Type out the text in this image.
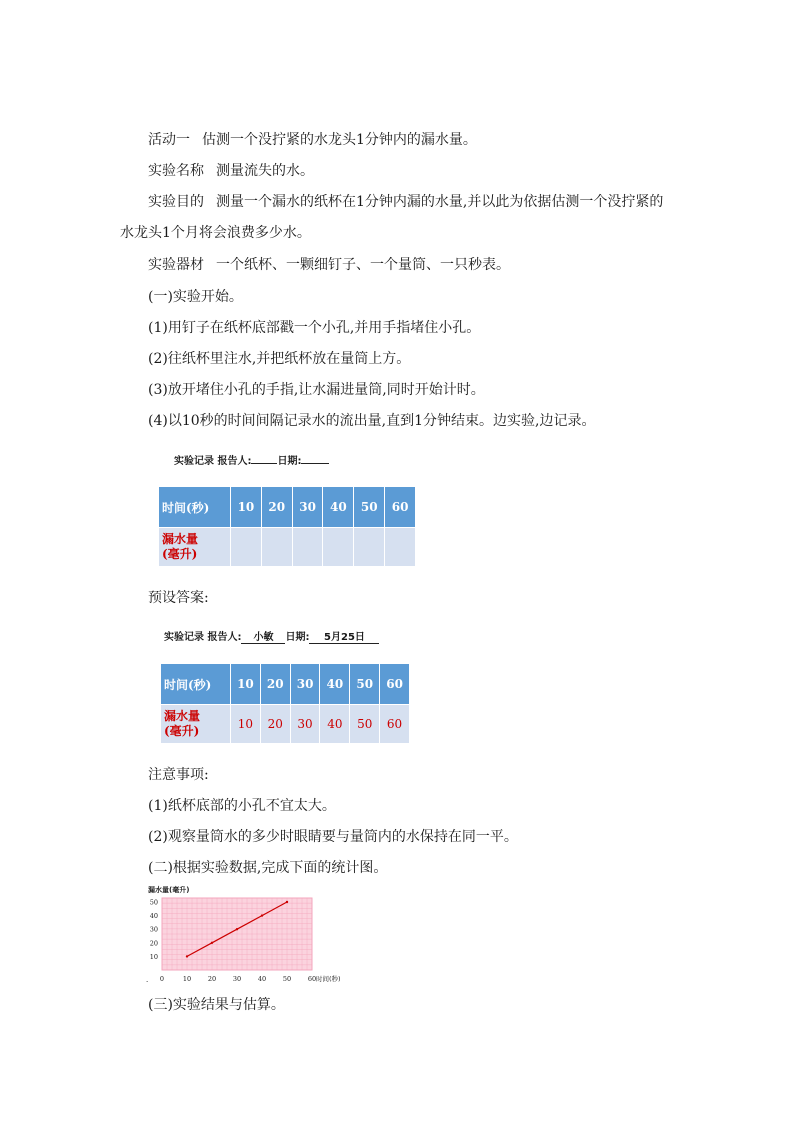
活动一 估测一个没拧紧的水龙头1分钟内的漏水量。
实验名称 测量流失的水。
实验目的 测量一个漏水的纸杯在1分钟内漏的水量,并以此为依据估测一个没拧紧的
水龙头1个月将会浪费多少水。
实验器材 一个纸杯、一颗细钉子、一个量筒、一只秒表。
(一)实验开始。
(1)用钉子在纸杯底部戳一个小孔,并用手指堵住小孔。
(2)往纸杯里注水,并把纸杯放在量筒上方。
(3)放开堵住小孔的手指,让水漏进量筒,同时开始计时。
(4)以10秒的时间间隔记录水的流出量,直到1分钟结束。边实验,边记录。
实验记录 报告人:	日期:
时间(秒)	10	20	30	40	50	60
漏水量
(毫升)						
预设答案:
实验记录 报告人: 小敏 日期: 5月25日
时间(秒)	10	20	30	40	50	60
漏水量
(毫升)	10	20	30	40	50	60
注意事项:
(1)纸杯底部的小孔不宜太大。
(2)观察量筒水的多少时眼睛要与量筒内的水保持在同一平。
(二)根据实验数据,完成下面的统计图。
漏水量(毫升)
10
20
30
40
50
. 0	10	20	30	40	50	60 时间(秒)
(三)实验结果与估算。
